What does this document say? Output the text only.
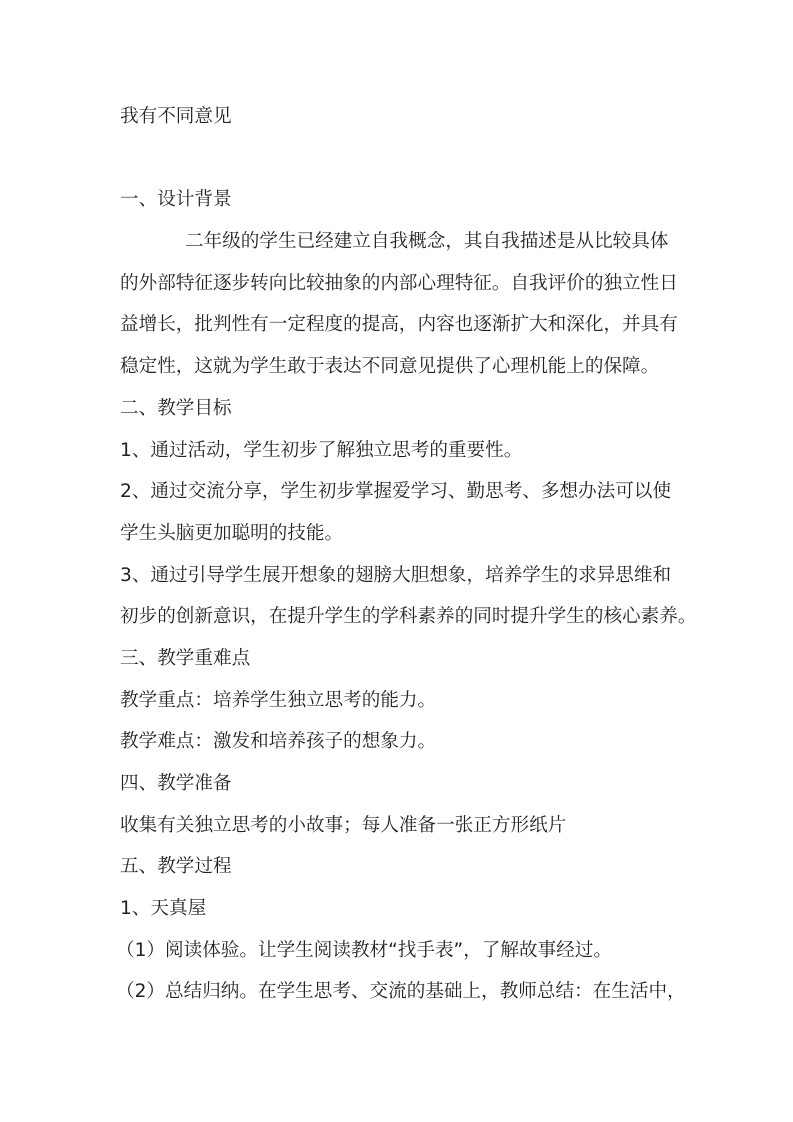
我有不同意见
一、设计背景
二年级的学生已经建立自我概念，其自我描述是从比较具体
的外部特征逐步转向比较抽象的内部心理特征。自我评价的独立性日
益增长，批判性有一定程度的提高，内容也逐渐扩大和深化，并具有
稳定性，这就为学生敢于表达不同意见提供了心理机能上的保障。
二、教学目标
1、通过活动，学生初步了解独立思考的重要性。
2、通过交流分享，学生初步掌握爱学习、勤思考、多想办法可以使
学生头脑更加聪明的技能。
3、通过引导学生展开想象的翅膀大胆想象，培养学生的求异思维和
初步的创新意识，在提升学生的学科素养的同时提升学生的核心素养。
三、教学重难点
教学重点：培养学生独立思考的能力。
教学难点：激发和培养孩子的想象力。
四、教学准备
收集有关独立思考的小故事；每人准备一张正方形纸片
五、教学过程
1、天真屋
（1）阅读体验。让学生阅读教材“找手表”，了解故事经过。
（2）总结归纳。在学生思考、交流的基础上，教师总结：在生活中，
